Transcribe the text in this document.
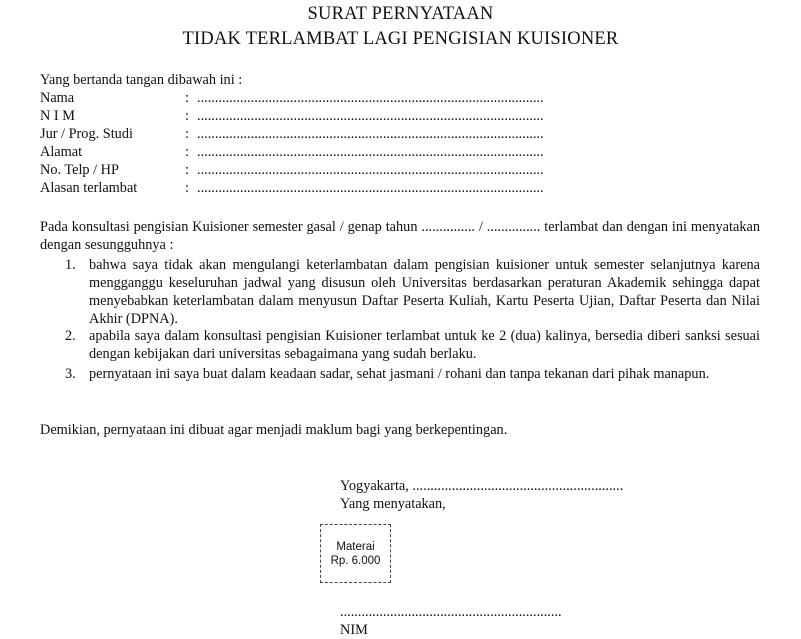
SURAT PERNYATAAN
TIDAK TERLAMBAT LAGI PENGISIAN KUISIONER
Yang bertanda tangan dibawah ini :
Nama	: .................................................................................................
N I M	: .................................................................................................
Jur / Prog. Studi	: .................................................................................................
Alamat	: .................................................................................................
No. Telp / HP	: .................................................................................................
Alasan terlambat	: .................................................................................................
Pada konsultasi pengisian Kuisioner semester gasal / genap tahun ............... / ............... terlambat dan dengan ini menyatakan dengan sesungguhnya :
1. bahwa saya tidak akan mengulangi keterlambatan dalam pengisian kuisioner untuk semester selanjutnya karena mengganggu keseluruhan jadwal yang disusun oleh Universitas berdasarkan peraturan Akademik sehingga dapat menyebabkan keterlambatan dalam menyusun Daftar Peserta Kuliah, Kartu Peserta Ujian, Daftar Peserta dan Nilai Akhir (DPNA).
2. apabila saya dalam konsultasi pengisian Kuisioner terlambat untuk ke 2 (dua) kalinya, bersedia diberi sanksi sesuai dengan kebijakan dari universitas sebagaimana yang sudah berlaku.
3. pernyataan ini saya buat dalam keadaan sadar, sehat jasmani / rohani dan tanpa tekanan dari pihak manapun.
Demikian, pernyataan ini dibuat agar menjadi maklum bagi yang berkepentingan.
Yogyakarta, ...........................................................
Yang menyatakan,
Materai
Rp. 6.000
..............................................................
NIM
